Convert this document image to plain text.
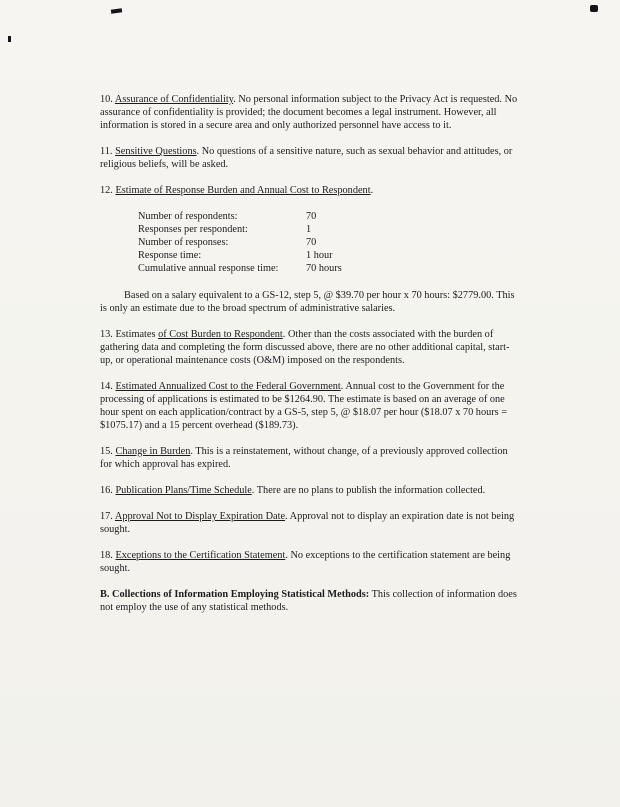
10. Assurance of Confidentiality. No personal information subject to the Privacy Act is requested. No assurance of confidentiality is provided; the document becomes a legal instrument. However, all information is stored in a secure area and only authorized personnel have access to it.

11. Sensitive Questions. No questions of a sensitive nature, such as sexual behavior and attitudes, or religious beliefs, will be asked.

12. Estimate of Response Burden and Annual Cost to Respondent.

Number of respondents:	70
Responses per respondent:	1
Number of responses:	70
Response time:	1 hour
Cumulative annual response time:	70 hours

Based on a salary equivalent to a GS-12, step 5, @ $39.70 per hour x 70 hours: $2779.00. This is only an estimate due to the broad spectrum of administrative salaries.

13. Estimates of Cost Burden to Respondent. Other than the costs associated with the burden of gathering data and completing the form discussed above, there are no other additional capital, start-up, or operational maintenance costs (O&M) imposed on the respondents.

14. Estimated Annualized Cost to the Federal Government. Annual cost to the Government for the processing of applications is estimated to be $1264.90. The estimate is based on an average of one hour spent on each application/contract by a GS-5, step 5, @ $18.07 per hour ($18.07 x 70 hours = $1075.17) and a 15 percent overhead ($189.73).

15. Change in Burden. This is a reinstatement, without change, of a previously approved collection for which approval has expired.

16. Publication Plans/Time Schedule. There are no plans to publish the information collected.

17. Approval Not to Display Expiration Date. Approval not to display an expiration date is not being sought.

18. Exceptions to the Certification Statement. No exceptions to the certification statement are being sought.

B. Collections of Information Employing Statistical Methods: This collection of information does not employ the use of any statistical methods.
